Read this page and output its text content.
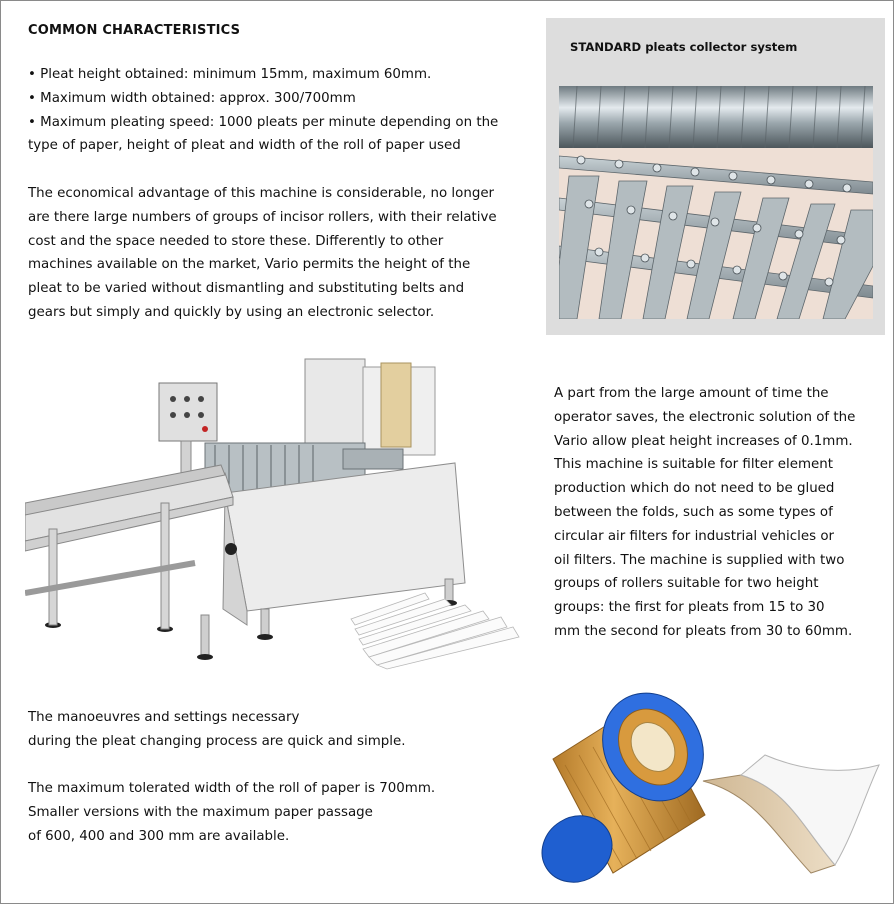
COMMON CHARACTERISTICS
• Pleat height obtained: minimum 15mm, maximum 60mm.
• Maximum width obtained: approx. 300/700mm
• Maximum pleating speed: 1000 pleats per minute depending on the
type of paper, height of pleat and width of the roll of paper used
The economical advantage of this machine is considerable, no longer
are there large numbers of groups of incisor rollers, with their relative
cost and the space needed to store these. Differently to other
machines available on the market, Vario permits the height of the
pleat to be varied without dismantling and substituting belts and
gears but simply and quickly by using an electronic selector.
STANDARD pleats collector system
A part from the large amount of time the
operator saves, the electronic solution of the
Vario allow pleat height increases of 0.1mm.
This machine is suitable for filter element
production which do not need to be glued
between the folds, such as some types of
circular air filters for industrial vehicles or
oil filters. The machine is supplied with two
groups of rollers suitable for two height
groups: the first for pleats from 15 to 30
mm the second for pleats from 30 to 60mm.
The manoeuvres and settings necessary
during the pleat changing process are quick and simple.
The maximum tolerated width of the roll of paper is 700mm.
Smaller versions with the maximum paper passage
of 600, 400 and 300 mm are available.
